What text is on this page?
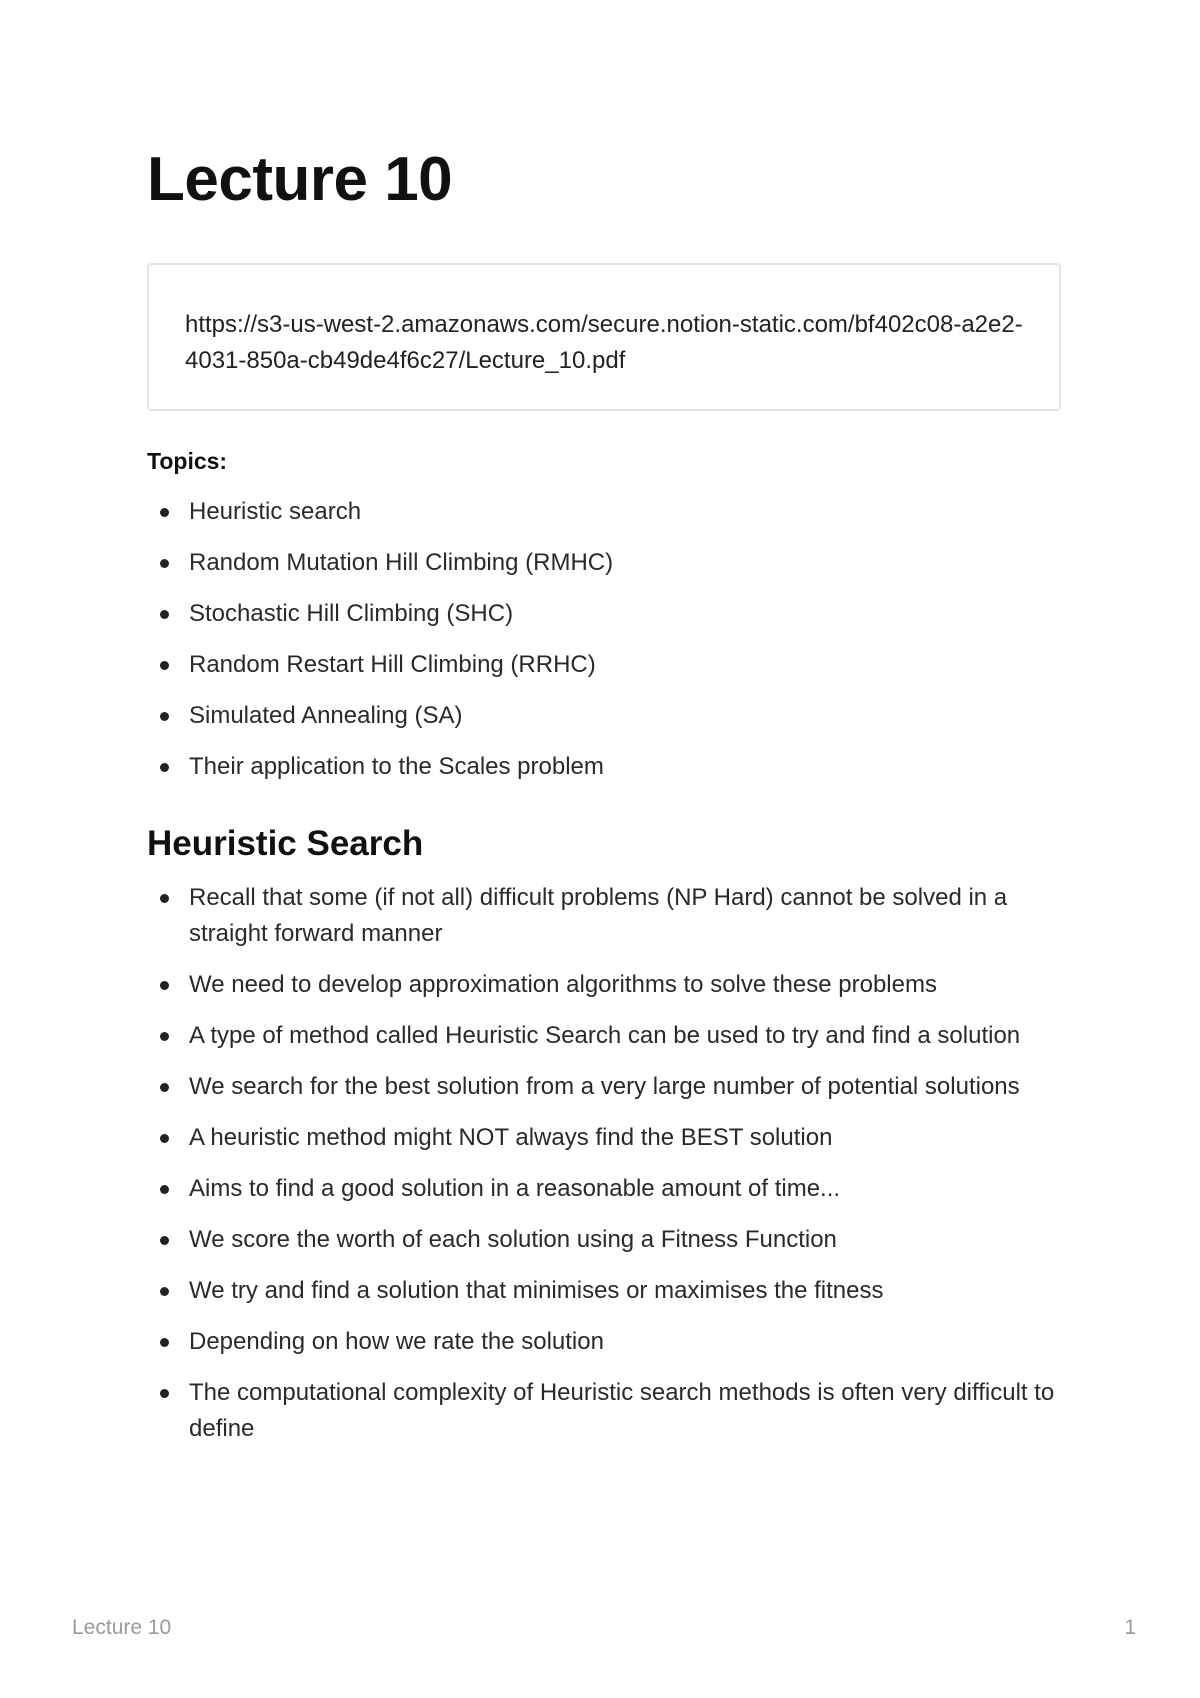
Lecture 10

https://s3-us-west-2.amazonaws.com/secure.notion-static.com/bf402c08-a2e2-4031-850a-cb49de4f6c27/Lecture_10.pdf

Topics:

Heuristic search
Random Mutation Hill Climbing (RMHC)
Stochastic Hill Climbing (SHC)
Random Restart Hill Climbing (RRHC)
Simulated Annealing (SA)
Their application to the Scales problem
Heuristic Search
Recall that some (if not all) difficult problems (NP Hard) cannot be solved in a straight forward manner
We need to develop approximation algorithms to solve these problems
A type of method called Heuristic Search can be used to try and find a solution
We search for the best solution from a very large number of potential solutions
A heuristic method might NOT always find the BEST solution
Aims to find a good solution in a reasonable amount of time...
We score the worth of each solution using a Fitness Function
We try and find a solution that minimises or maximises the fitness
Depending on how we rate the solution
The computational complexity of Heuristic search methods is often very difficult to define

Lecture 10	1
